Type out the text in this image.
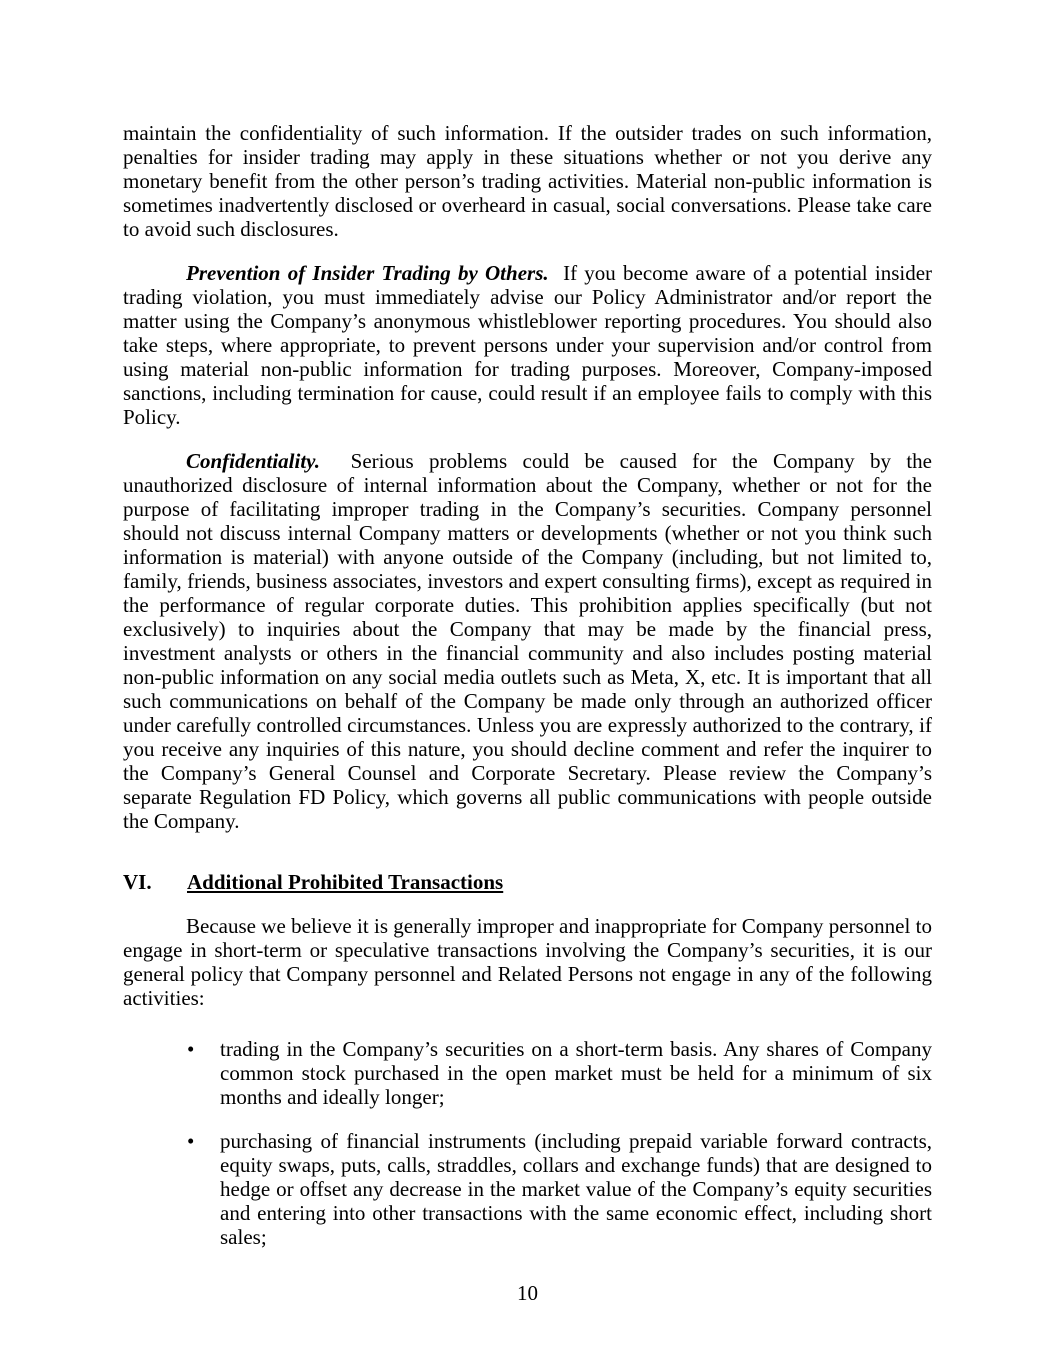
maintain the confidentiality of such information. If the outsider trades on such information, penalties for insider trading may apply in these situations whether or not you derive any monetary benefit from the other person’s trading activities. Material non-public information is sometimes inadvertently disclosed or overheard in casual, social conversations. Please take care to avoid such disclosures.

Prevention of Insider Trading by Others. If you become aware of a potential insider trading violation, you must immediately advise our Policy Administrator and/or report the matter using the Company’s anonymous whistleblower reporting procedures. You should also take steps, where appropriate, to prevent persons under your supervision and/or control from using material non-public information for trading purposes. Moreover, Company-imposed sanctions, including termination for cause, could result if an employee fails to comply with this Policy.

Confidentiality. Serious problems could be caused for the Company by the unauthorized disclosure of internal information about the Company, whether or not for the purpose of facilitating improper trading in the Company’s securities. Company personnel should not discuss internal Company matters or developments (whether or not you think such information is material) with anyone outside of the Company (including, but not limited to, family, friends, business associates, investors and expert consulting firms), except as required in the performance of regular corporate duties. This prohibition applies specifically (but not exclusively) to inquiries about the Company that may be made by the financial press, investment analysts or others in the financial community and also includes posting material non-public information on any social media outlets such as Meta, X, etc. It is important that all such communications on behalf of the Company be made only through an authorized officer under carefully controlled circumstances. Unless you are expressly authorized to the contrary, if you receive any inquiries of this nature, you should decline comment and refer the inquirer to the Company’s General Counsel and Corporate Secretary. Please review the Company’s separate Regulation FD Policy, which governs all public communications with people outside the Company.

VI.	Additional Prohibited Transactions

Because we believe it is generally improper and inappropriate for Company personnel to engage in short-term or speculative transactions involving the Company’s securities, it is our general policy that Company personnel and Related Persons not engage in any of the following activities:

• trading in the Company’s securities on a short-term basis. Any shares of Company common stock purchased in the open market must be held for a minimum of six months and ideally longer;
• purchasing of financial instruments (including prepaid variable forward contracts, equity swaps, puts, calls, straddles, collars and exchange funds) that are designed to hedge or offset any decrease in the market value of the Company’s equity securities and entering into other transactions with the same economic effect, including short sales;
10
